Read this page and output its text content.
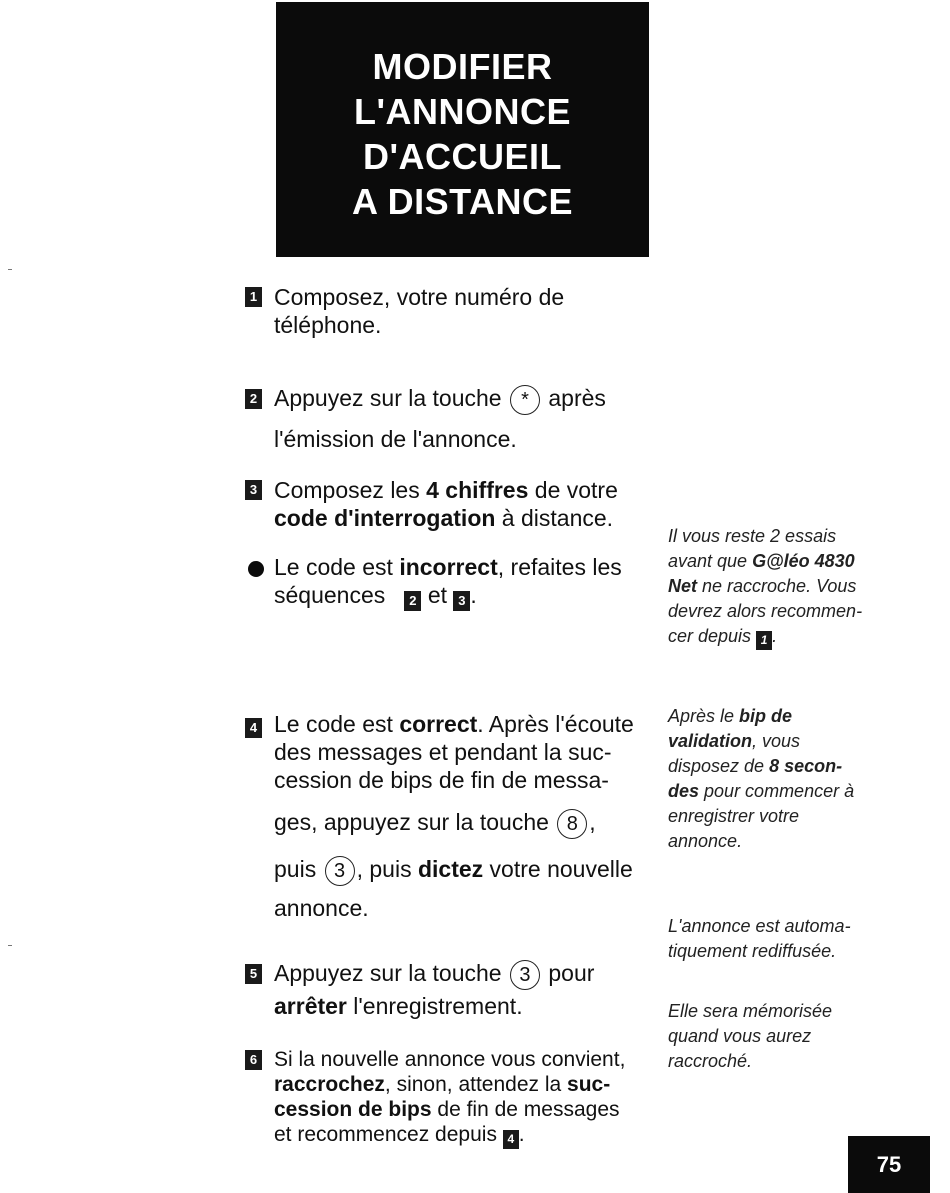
MODIFIER
L'ANNONCE
D'ACCUEIL
A DISTANCE
1 Composez, votre numéro de
téléphone.
2 Appuyez sur la touche * après
l'émission de l'annonce.
3 Composez les 4 chiffres de votre
code d'interrogation à distance.
Le code est incorrect, refaites les
séquences 2 et 3 .
4 Le code est correct. Après l'écoute
des messages et pendant la suc-
cession de bips de fin de messa-
ges, appuyez sur la touche 8 ,
puis 3 , puis dictez votre nouvelle
annonce.
5 Appuyez sur la touche 3 pour
arrêter l'enregistrement.
6 Si la nouvelle annonce vous convient,
raccrochez, sinon, attendez la suc-
cession de bips de fin de messages
et recommencez depuis 4 .
Il vous reste 2 essais
avant que G@léo 4830
Net ne raccroche. Vous
devrez alors recommen-
cer depuis 1 .
Après le bip de
validation, vous
disposez de 8 secon-
des pour commencer à
enregistrer votre
annonce.
L'annonce est automa-
tiquement rediffusée.
Elle sera mémorisée
quand vous aurez
raccroché.
75
